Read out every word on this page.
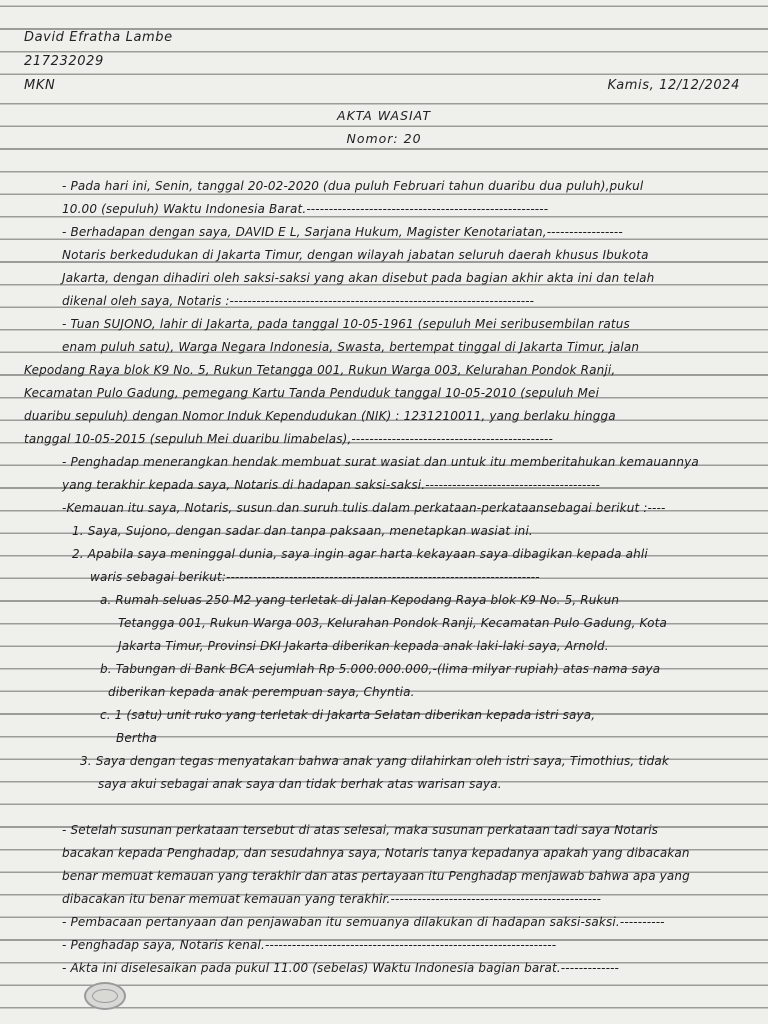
David Efratha Lambe
217232029
MKN	Kamis, 12/12/2024
AKTA WASIAT
Nomor: 20
- Pada hari ini, Senin, tanggal 20-02-2020 (dua puluh Februari tahun duaribu dua puluh),pukul
10.00 (sepuluh) Waktu Indonesia Barat.------------------------------------------------------
- Berhadapan dengan saya, DAVID E L, Sarjana Hukum, Magister Kenotariatan,-----------------
Notaris berkedudukan di Jakarta Timur, dengan wilayah jabatan seluruh daerah khusus Ibukota
Jakarta, dengan dihadiri oleh saksi-saksi yang akan disebut pada bagian akhir akta ini dan telah
dikenal oleh saya, Notaris :--------------------------------------------------------------------
- Tuan SUJONO, lahir di Jakarta, pada tanggal 10-05-1961 (sepuluh Mei seribusembilan ratus
enam puluh satu), Warga Negara Indonesia, Swasta, bertempat tinggal di Jakarta Timur, jalan
Kepodang Raya blok K9 No. 5, Rukun Tetangga 001, Rukun Warga 003, Kelurahan Pondok Ranji,
Kecamatan Pulo Gadung, pemegang Kartu Tanda Penduduk tanggal 10-05-2010 (sepuluh Mei
duaribu sepuluh) dengan Nomor Induk Kependudukan (NIK) : 1231210011, yang berlaku hingga
tanggal 10-05-2015 (sepuluh Mei duaribu limabelas),---------------------------------------------
- Penghadap menerangkan hendak membuat surat wasiat dan untuk itu memberitahukan kemauannya
yang terakhir kepada saya, Notaris di hadapan saksi-saksi.---------------------------------------
-Kemauan itu saya, Notaris, susun dan suruh tulis dalam perkataan-perkataansebagai berikut :----
1. Saya, Sujono, dengan sadar dan tanpa paksaan, menetapkan wasiat ini.
2. Apabila saya meninggal dunia, saya ingin agar harta kekayaan saya dibagikan kepada ahli
waris sebagai berikut:----------------------------------------------------------------------
a. Rumah seluas 250 M2 yang terletak di Jalan Kepodang Raya blok K9 No. 5, Rukun
Tetangga 001, Rukun Warga 003, Kelurahan Pondok Ranji, Kecamatan Pulo Gadung, Kota
Jakarta Timur, Provinsi DKI Jakarta diberikan kepada anak laki-laki saya, Arnold.
b. Tabungan di Bank BCA sejumlah Rp 5.000.000.000,-(lima milyar rupiah) atas nama saya
diberikan kepada anak perempuan saya, Chyntia.
c. 1 (satu) unit ruko yang terletak di Jakarta Selatan diberikan kepada istri saya,
Bertha
3. Saya dengan tegas menyatakan bahwa anak yang dilahirkan oleh istri saya, Timothius, tidak
saya akui sebagai anak saya dan tidak berhak atas warisan saya.
- Setelah susunan perkataan tersebut di atas selesai, maka susunan perkataan tadi saya Notaris
bacakan kepada Penghadap, dan sesudahnya saya, Notaris tanya kepadanya apakah yang dibacakan
benar memuat kemauan yang terakhir dan atas pertayaan itu Penghadap menjawab bahwa apa yang
dibacakan itu benar memuat kemauan yang terakhir.-----------------------------------------------
- Pembacaan pertanyaan dan penjawaban itu semuanya dilakukan di hadapan saksi-saksi.----------
- Penghadap saya, Notaris kenal.-----------------------------------------------------------------
- Akta ini diselesaikan pada pukul 11.00 (sebelas) Waktu Indonesia bagian barat.-------------
